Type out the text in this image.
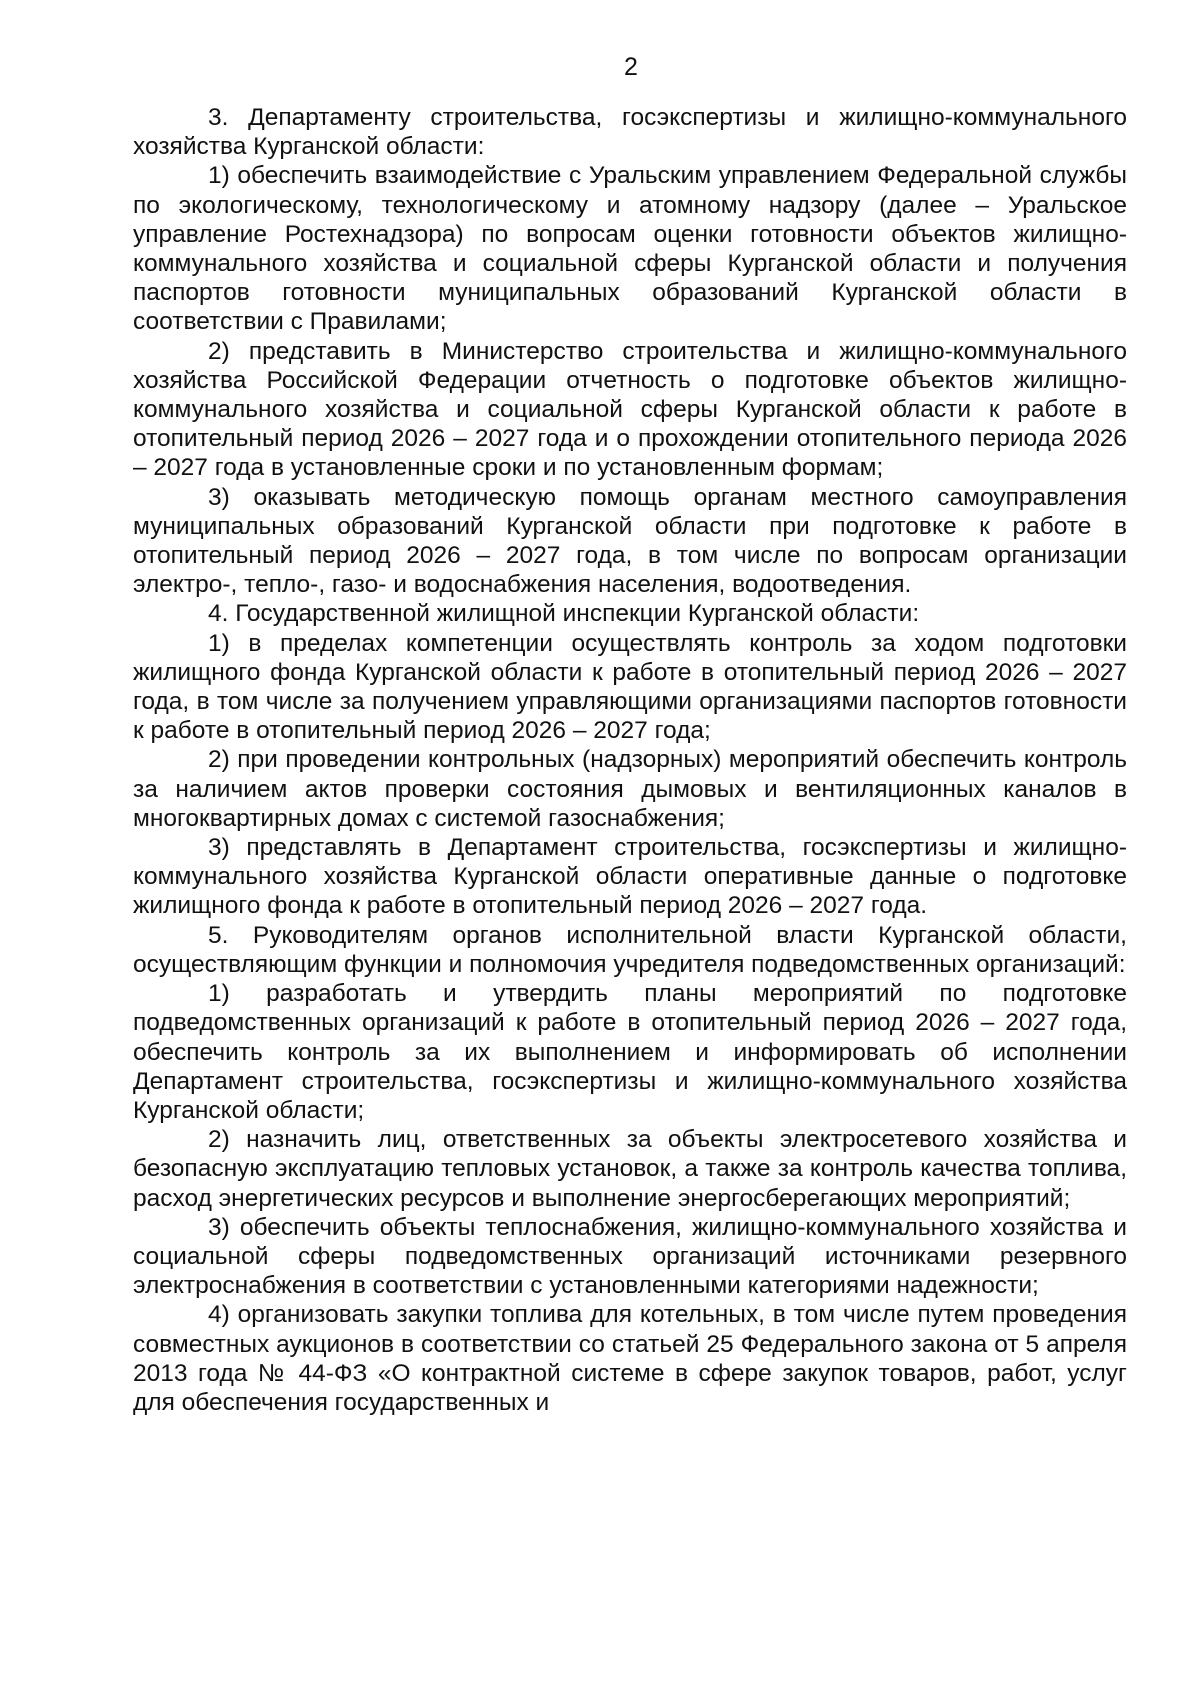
2

3. Департаменту строительства, госэкспертизы и жилищно-коммунального хозяйства Курганской области:

1) обеспечить взаимодействие с Уральским управлением Федеральной службы по экологическому, технологическому и атомному надзору (далее – Уральское управление Ростехнадзора) по вопросам оценки готовности объектов жилищно-коммунального хозяйства и социальной сферы Курганской области и получения паспортов готовности муниципальных образований Курганской области в соответствии с Правилами;

2) представить в Министерство строительства и жилищно-коммунального хозяйства Российской Федерации отчетность о подготовке объектов жилищно-коммунального хозяйства и социальной сферы Курганской области к работе в отопительный период 2026 – 2027 года и о прохождении отопительного периода 2026 – 2027 года в установленные сроки и по установленным формам;

3) оказывать методическую помощь органам местного самоуправления муниципальных образований Курганской области при подготовке к работе в отопительный период 2026 – 2027 года, в том числе по вопросам организации электро-, тепло-, газо- и водоснабжения населения, водоотведения.

4. Государственной жилищной инспекции Курганской области:

1) в пределах компетенции осуществлять контроль за ходом подготовки жилищного фонда Курганской области к работе в отопительный период 2026 – 2027 года, в том числе за получением управляющими организациями паспортов готовности к работе в отопительный период 2026 – 2027 года;

2) при проведении контрольных (надзорных) мероприятий обеспечить контроль за наличием актов проверки состояния дымовых и вентиляционных каналов в многоквартирных домах с системой газоснабжения;

3) представлять в Департамент строительства, госэкспертизы и жилищно-коммунального хозяйства Курганской области оперативные данные о подготовке жилищного фонда к работе в отопительный период 2026 – 2027 года.

5. Руководителям органов исполнительной власти Курганской области, осуществляющим функции и полномочия учредителя подведомственных организаций:

1) разработать и утвердить планы мероприятий по подготовке подведомственных организаций к работе в отопительный период 2026 – 2027 года, обеспечить контроль за их выполнением и информировать об исполнении Департамент строительства, госэкспертизы и жилищно-коммунального хозяйства Курганской области;

2) назначить лиц, ответственных за объекты электросетевого хозяйства и безопасную эксплуатацию тепловых установок, а также за контроль качества топлива, расход энергетических ресурсов и выполнение энергосберегающих мероприятий;

3) обеспечить объекты теплоснабжения, жилищно-коммунального хозяйства и социальной сферы подведомственных организаций источниками резервного электроснабжения в соответствии с установленными категориями надежности;

4) организовать закупки топлива для котельных, в том числе путем проведения совместных аукционов в соответствии со статьей 25 Федерального закона от 5 апреля 2013 года № 44-ФЗ «О контрактной системе в сфере закупок товаров, работ, услуг для обеспечения государственных и
